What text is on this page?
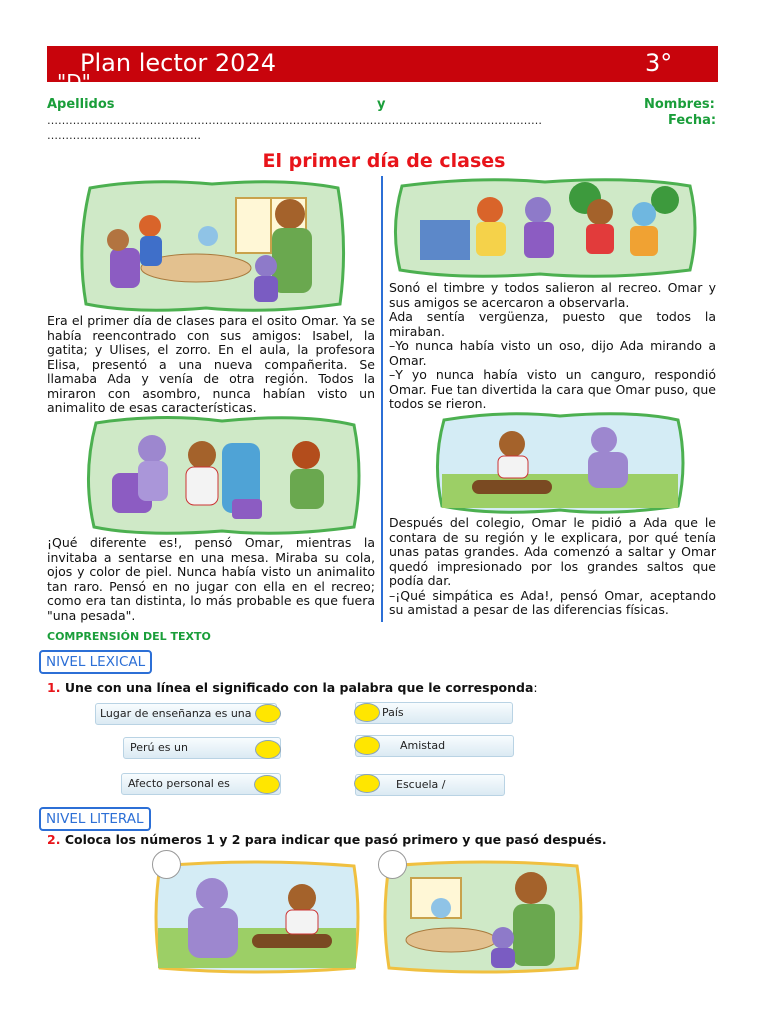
Plan lector 2024	3°
"D"
Apellidos	y	Nombres:
Fecha:
………………………………………………………………………………………………………………………
……………………………………
El primer día de clases

Era el primer día de clases para el osito Omar. Ya se había reencontrado con sus amigos: Isabel, la gatita; y Ulises, el zorro. En el aula, la profesora Elisa, presentó a una nueva compañerita. Se llamaba Ada y venía de otra región. Todos la miraron con asombro, nunca habían visto un animalito de esas características.

¡Qué diferente es!, pensó Omar, mientras la invitaba a sentarse en una mesa. Miraba su cola, ojos y color de piel. Nunca había visto un animalito tan raro. Pensó en no jugar con ella en el recreo; como era tan distinta, lo más probable es que fuera "una pesada".

Sonó el timbre y todos salieron al recreo. Omar y sus amigos se acercaron a observarla.

Ada sentía vergüenza, puesto que todos la miraban.

–Yo nunca había visto un oso, dijo Ada mirando a Omar.

–Y yo nunca había visto un canguro, respondió Omar. Fue tan divertida la cara que Omar puso, que todos se rieron.

Después del colegio, Omar le pidió a Ada que le contara de su región y le explicara, por qué tenía unas patas grandes. Ada comenzó a saltar y Omar quedó impresionado por los grandes saltos que podía dar.

–¡Qué simpática es Ada!, pensó Omar, aceptando su amistad a pesar de las diferencias físicas.

COMPRENSIÓN DEL TEXTO
NIVEL LEXICAL
1. Une con una línea el significado con la palabra que le corresponda:
Lugar de enseñanza es una
Perú es un
Afecto personal es
País
Amistad
Escuela /
NIVEL LITERAL
2. Coloca los números 1 y 2 para indicar que pasó primero y que pasó después.
